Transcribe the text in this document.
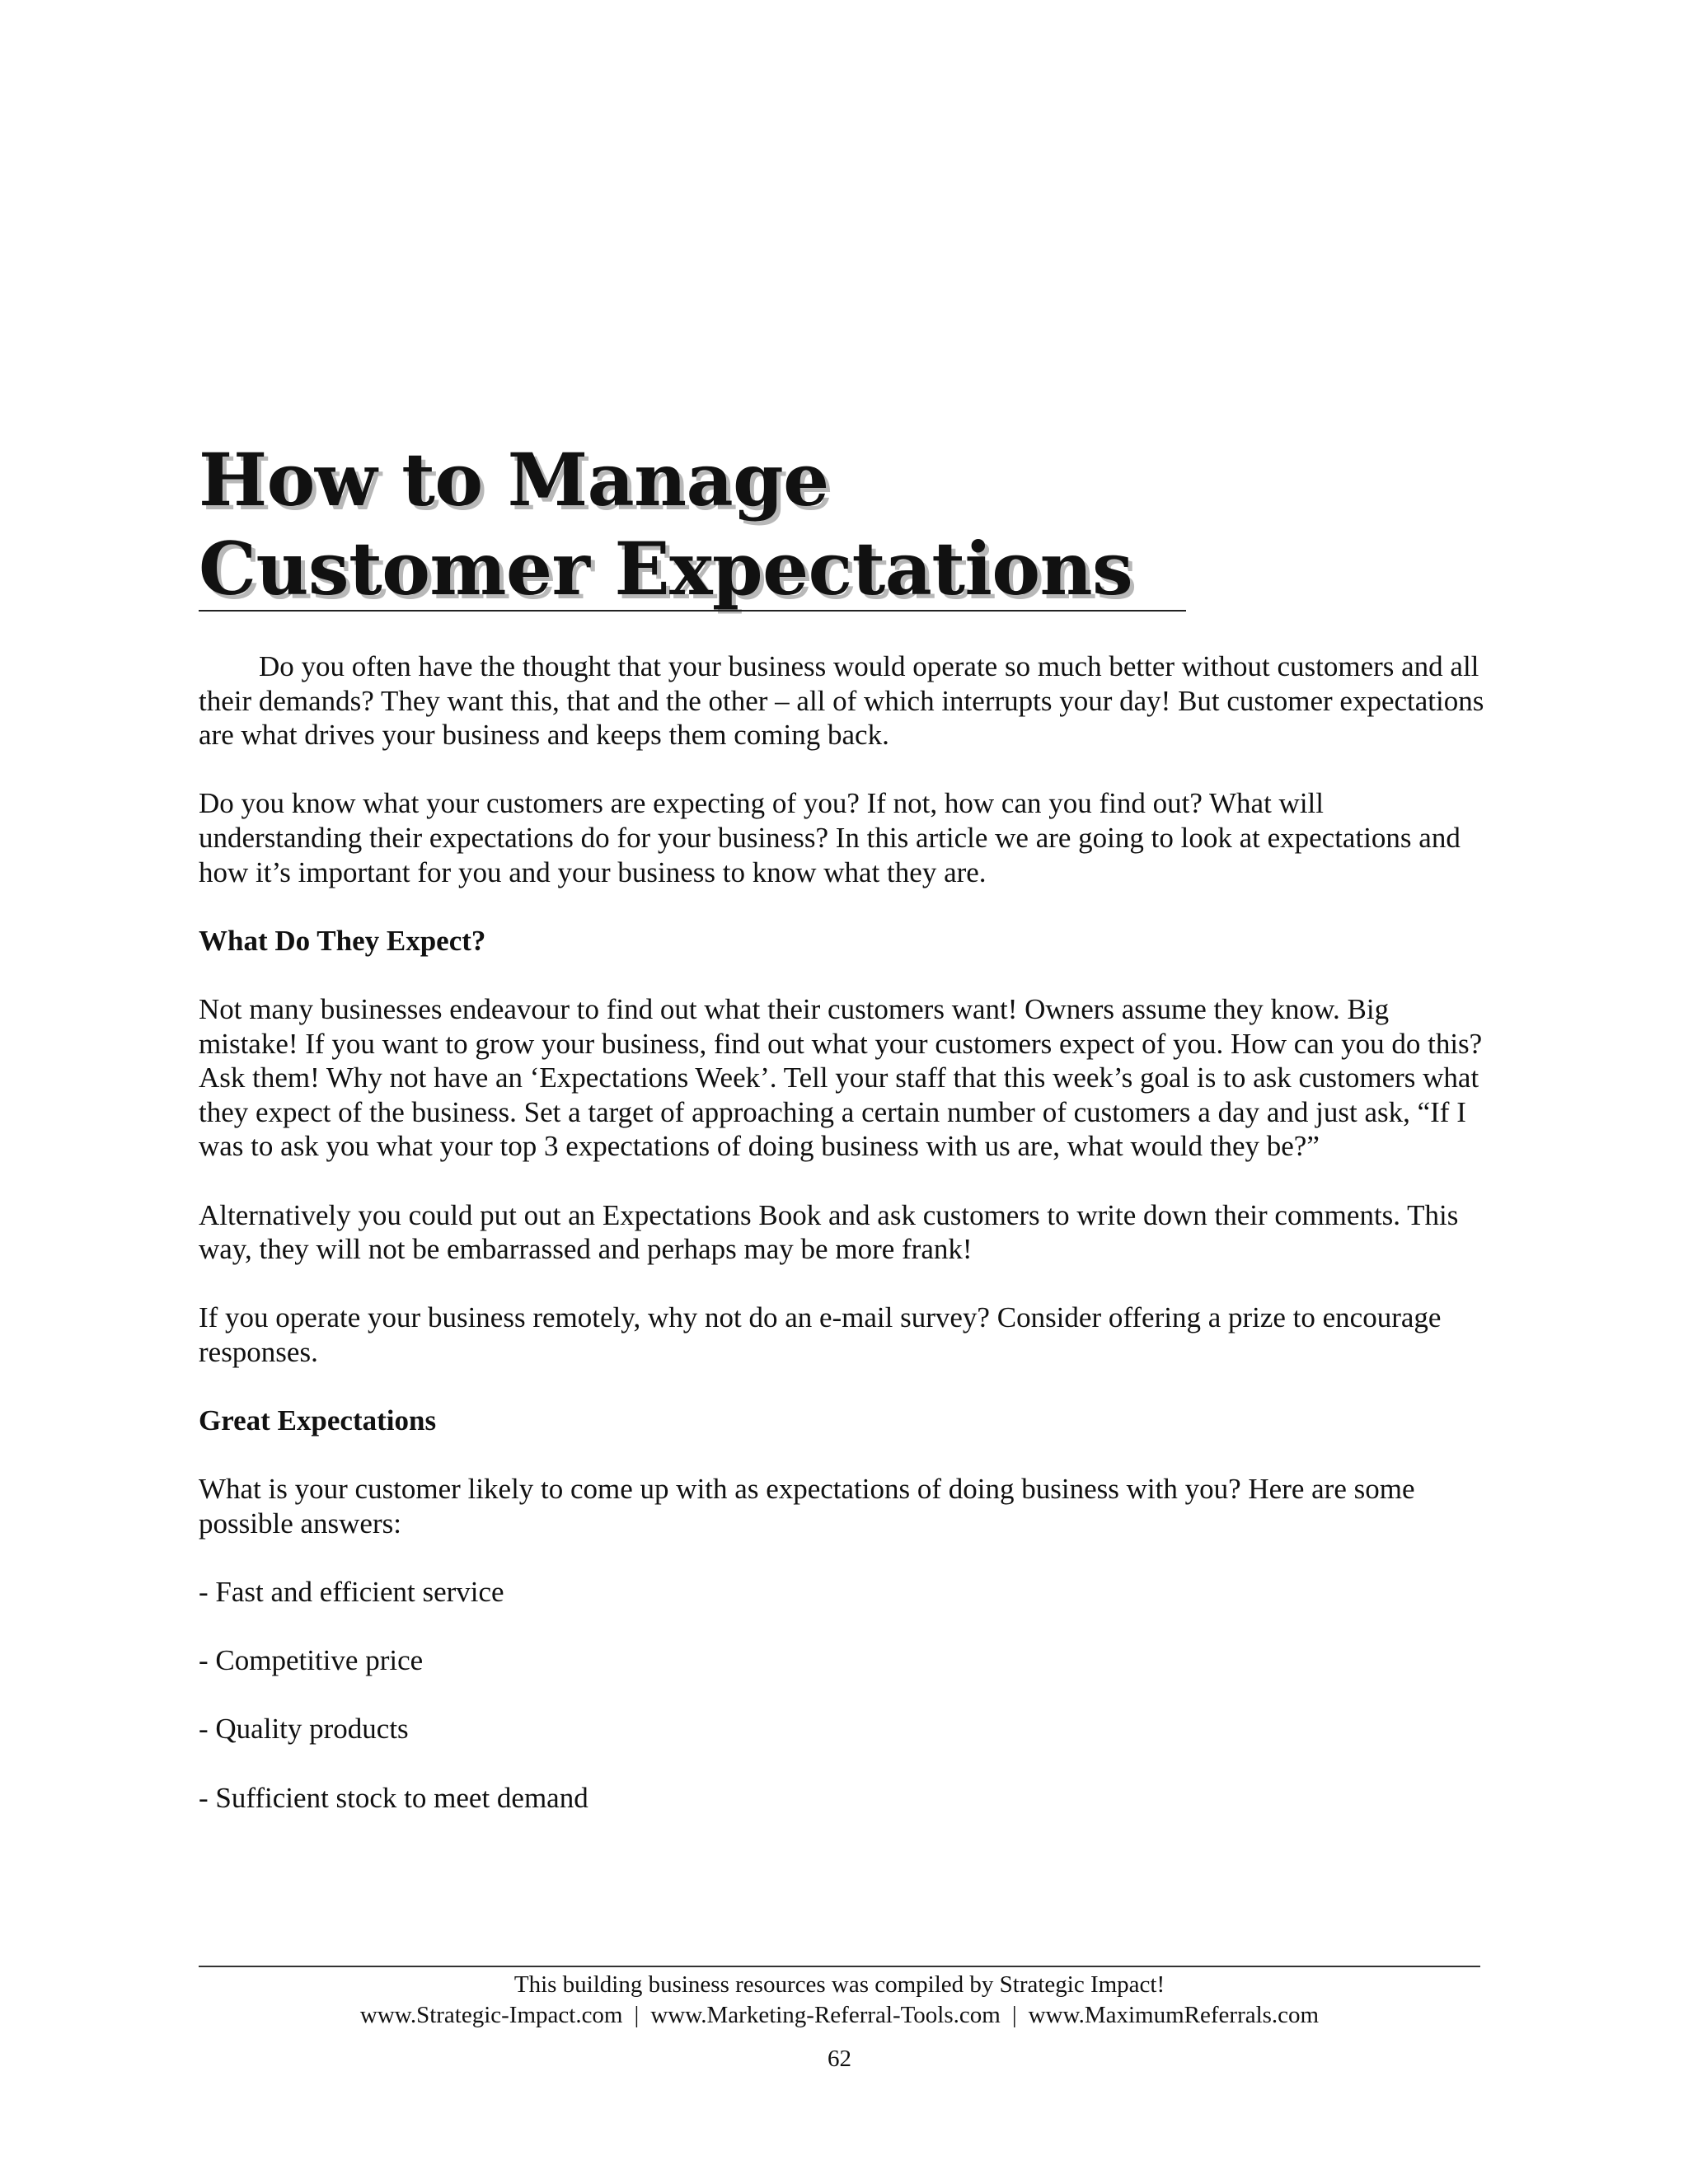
How to Manage
Customer Expectations

Do you often have the thought that your business would operate so much better without customers and all their demands? They want this, that and the other – all of which interrupts your day! But customer expectations are what drives your business and keeps them coming back.

Do you know what your customers are expecting of you? If not, how can you find out? What will understanding their expectations do for your business? In this article we are going to look at expectations and how it’s important for you and your business to know what they are.

What Do They Expect?

Not many businesses endeavour to find out what their customers want! Owners assume they know. Big mistake! If you want to grow your business, find out what your customers expect of you. How can you do this? Ask them! Why not have an ‘Expectations Week’. Tell your staff that this week’s goal is to ask customers what they expect of the business. Set a target of approaching a certain number of customers a day and just ask, “If I was to ask you what your top 3 expectations of doing business with us are, what would they be?”

Alternatively you could put out an Expectations Book and ask customers to write down their comments. This way, they will not be embarrassed and perhaps may be more frank!

If you operate your business remotely, why not do an e-mail survey? Consider offering a prize to encourage responses.

Great Expectations

What is your customer likely to come up with as expectations of doing business with you? Here are some possible answers:

- Fast and efficient service
- Competitive price
- Quality products
- Sufficient stock to meet demand
This building business resources was compiled by Strategic Impact!
www.Strategic-Impact.com | www.Marketing-Referral-Tools.com | www.MaximumReferrals.com
62
